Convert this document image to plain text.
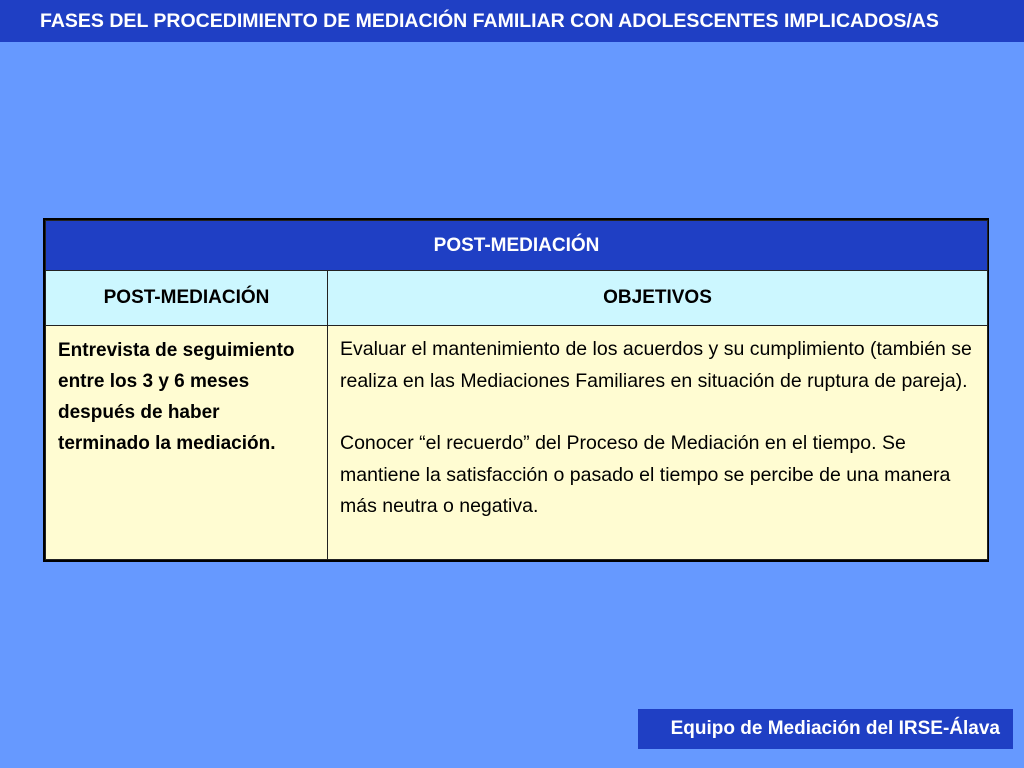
FASES DEL PROCEDIMIENTO DE MEDIACIÓN FAMILIAR CON ADOLESCENTES IMPLICADOS/AS
POST-MEDIACIÓN	
POST-MEDIACIÓN	OBJETIVOS
Entrevista de seguimiento entre los 3 y 6 meses después de haber terminado la mediación.	Evaluar el mantenimiento de los acuerdos y su cumplimiento (también se realiza en las Mediaciones Familiares en situación de ruptura de pareja).

Conocer “el recuerdo” del Proceso de Mediación en el tiempo. Se mantiene la satisfacción o pasado el tiempo se percibe de una manera más neutra o negativa.

Equipo de Mediación del IRSE-Álava
